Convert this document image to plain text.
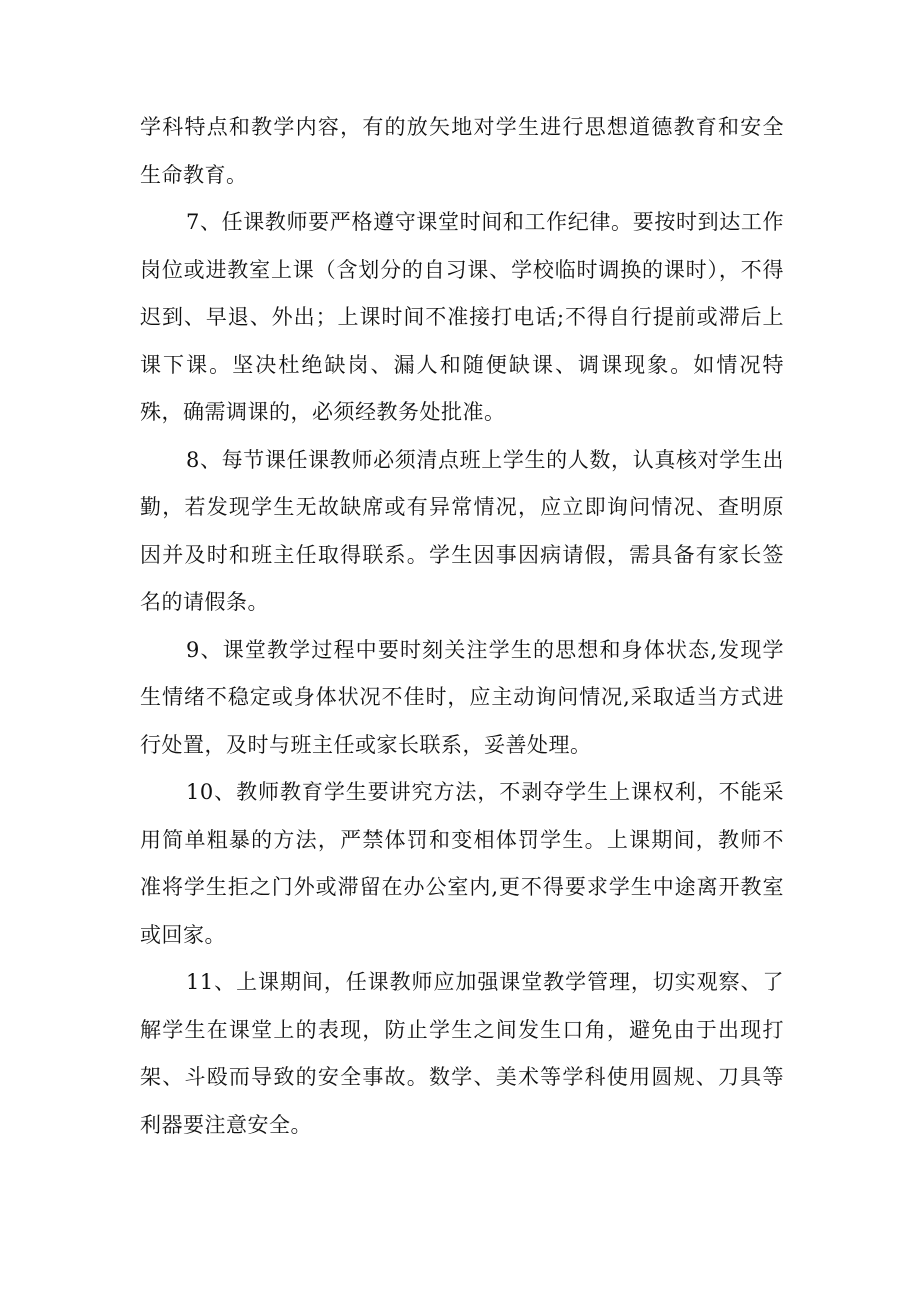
学科特点和教学内容，有的放矢地对学生进行思想道德教育和安全生命教育。

7、任课教师要严格遵守课堂时间和工作纪律。要按时到达工作岗位或进教室上课（含划分的自习课、学校临时调换的课时），不得迟到、早退、外出；上课时间不准接打电话;不得自行提前或滞后上课下课。坚决杜绝缺岗、漏人和随便缺课、调课现象。如情况特殊，确需调课的，必须经教务处批准。

8、每节课任课教师必须清点班上学生的人数，认真核对学生出勤，若发现学生无故缺席或有异常情况，应立即询问情况、查明原因并及时和班主任取得联系。学生因事因病请假，需具备有家长签名的请假条。

9、课堂教学过程中要时刻关注学生的思想和身体状态,发现学生情绪不稳定或身体状况不佳时，应主动询问情况,采取适当方式进行处置，及时与班主任或家长联系，妥善处理。

10、教师教育学生要讲究方法，不剥夺学生上课权利，不能采用简单粗暴的方法，严禁体罚和变相体罚学生。上课期间，教师不准将学生拒之门外或滞留在办公室内,更不得要求学生中途离开教室或回家。

11、上课期间，任课教师应加强课堂教学管理，切实观察、了解学生在课堂上的表现，防止学生之间发生口角，避免由于出现打架、斗殴而导致的安全事故。数学、美术等学科使用圆规、刀具等利器要注意安全。
